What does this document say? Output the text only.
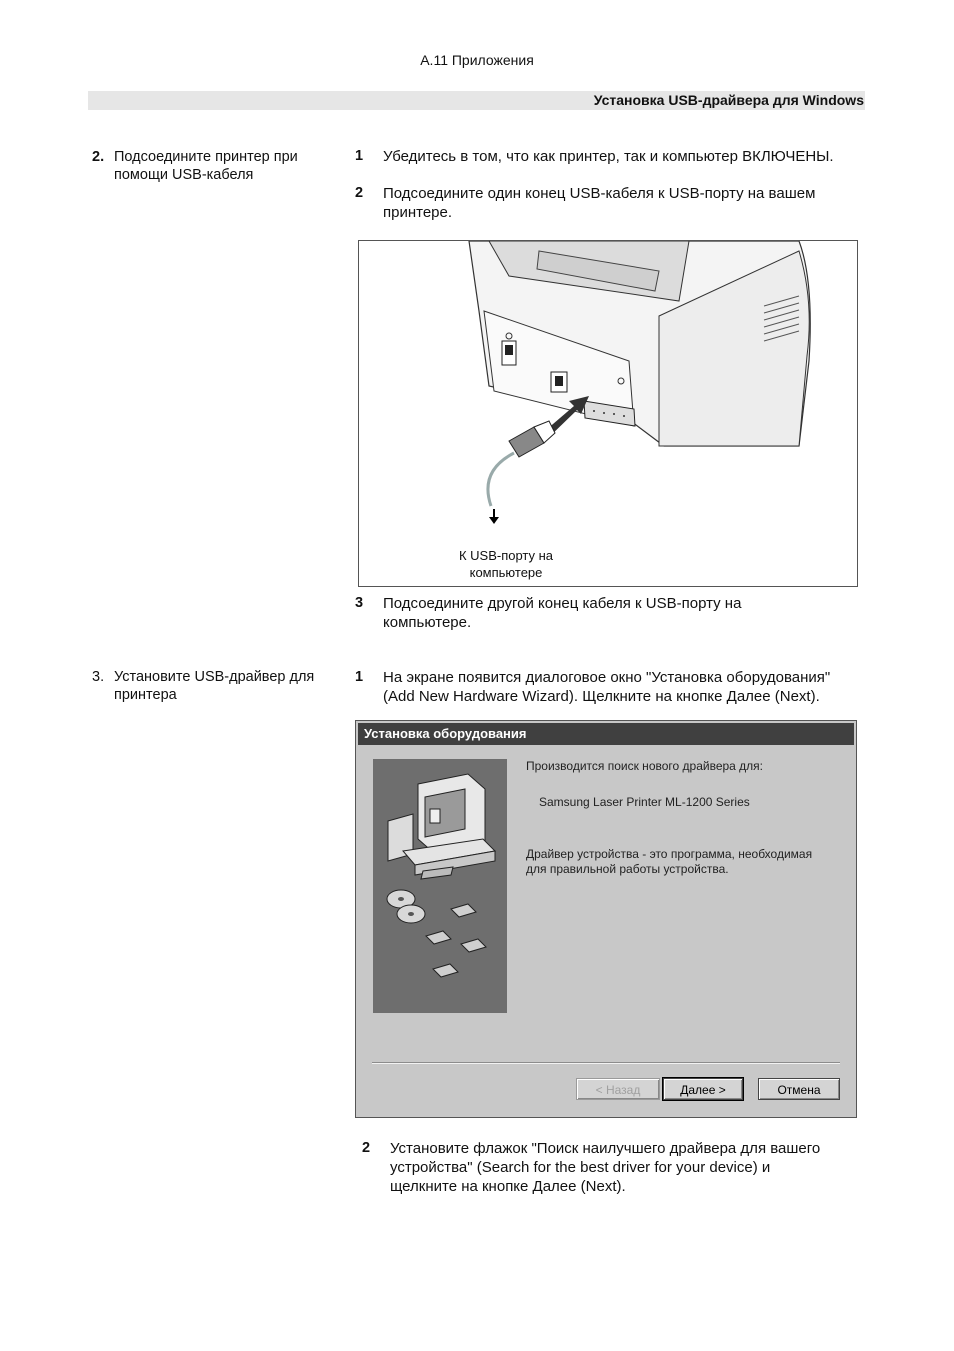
A.11 Приложения
Установка USB-драйвера для Windows
2. Подсоедините принтер при
помощи USB-кабеля
1 Убедитесь в том, что как принтер, так и компьютер ВКЛЮЧЕНЫ.
2 Подсоедините один конец USB-кабеля к USB-порту на вашем
принтере.
К USB-порту на
компьютере
3 Подсоедините другой конец кабеля к USB-порту на
компьютере.
3. Установите USB-драйвер для
принтера
1 На экране появится диалоговое окно "Установка оборудования"
(Add New Hardware Wizard). Щелкните на кнопке Далее (Next).
Установка оборудования
Производится поиск нового драйвера для:
Samsung Laser Printer ML-1200 Series
Драйвер устройства - это программа, необходимая
для правильной работы устройства.
< Назад	Далее >	Отмена
2 Установите флажок "Поиск наилучшего драйвера для вашего
устройства" (Search for the best driver for your device) и
щелкните на кнопке Далее (Next).
